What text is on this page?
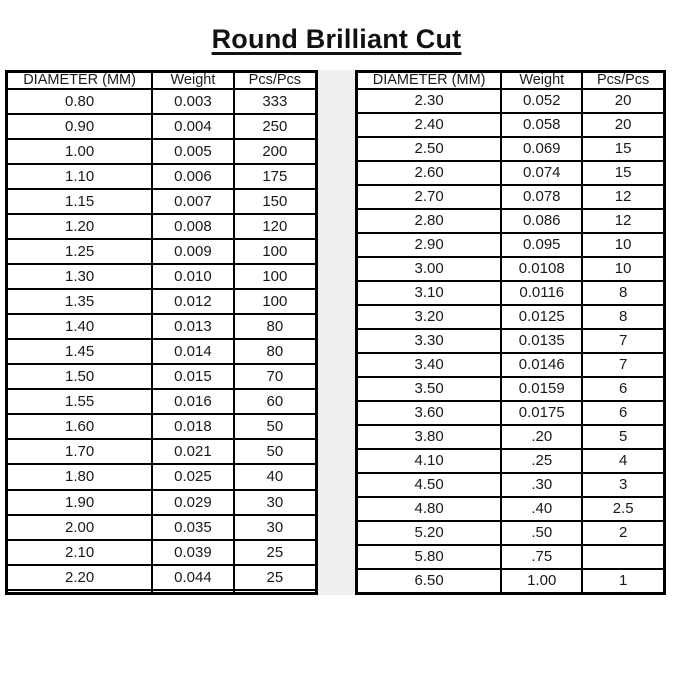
Round Brilliant Cut
DIAMETER (MM)	Weight	Pcs/Pcs
0.80	0.003	333
0.90	0.004	250
1.00	0.005	200
1.10	0.006	175
1.15	0.007	150
1.20	0.008	120
1.25	0.009	100
1.30	0.010	100
1.35	0.012	100
1.40	0.013	80
1.45	0.014	80
1.50	0.015	70
1.55	0.016	60
1.60	0.018	50
1.70	0.021	50
1.80	0.025	40
1.90	0.029	30
2.00	0.035	30
2.10	0.039	25
2.20	0.044	25

DIAMETER (MM)	Weight	Pcs/Pcs
2.30	0.052	20
2.40	0.058	20
2.50	0.069	15
2.60	0.074	15
2.70	0.078	12
2.80	0.086	12
2.90	0.095	10
3.00	0.0108	10
3.10	0.0116	8
3.20	0.0125	8
3.30	0.0135	7
3.40	0.0146	7
3.50	0.0159	6
3.60	0.0175	6
3.80	.20	5
4.10	.25	4
4.50	.30	3
4.80	.40	2.5
5.20	.50	2
5.80	.75	
6.50	1.00	1
